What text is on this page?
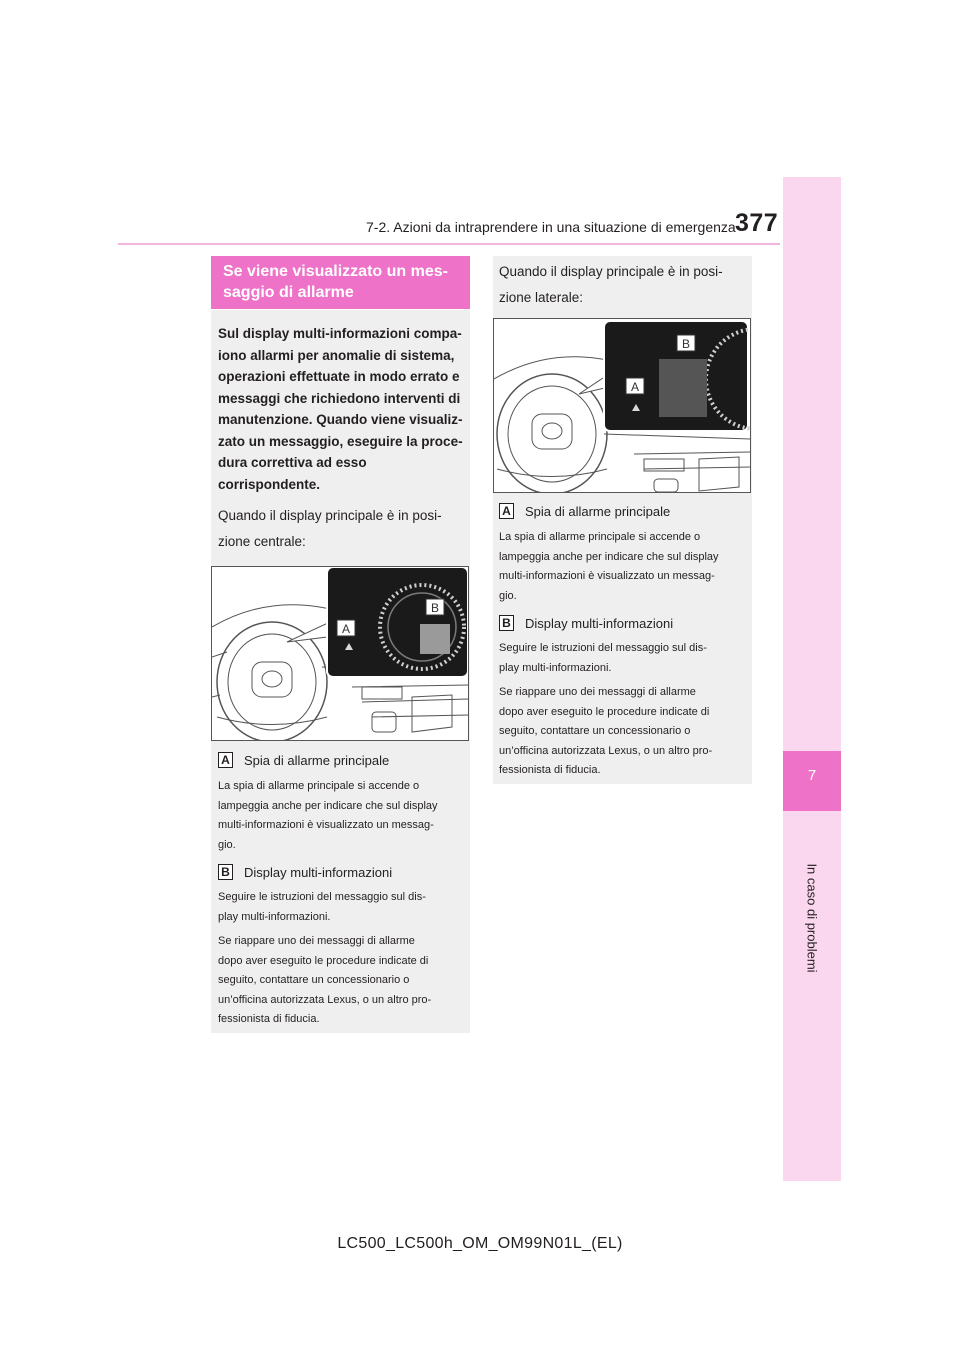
7-2. Azioni da intraprendere in una situazione di emergenza 377
7
In caso di problemi
Se viene visualizzato un mes-
saggio di allarme

Sul display multi-informazioni compa-

iono allarmi per anomalie di sistema,

operazioni effettuate in modo errato e

messaggi che richiedono interventi di

manutenzione. Quando viene visualiz-

zato un messaggio, eseguire la proce-

dura correttiva ad esso

corrispondente.

Quando il display principale è in posi-

zione centrale:

A
B
A Spia di allarme principale

La spia di allarme principale si accende o

lampeggia anche per indicare che sul display

multi-informazioni è visualizzato un messag-

gio.

B Display multi-informazioni

Seguire le istruzioni del messaggio sul dis-

play multi-informazioni.

Se riappare uno dei messaggi di allarme

dopo aver eseguito le procedure indicate di

seguito, contattare un concessionario o

un’officina autorizzata Lexus, o un altro pro-

fessionista di fiducia.

Quando il display principale è in posi-

zione laterale:

A
B
A Spia di allarme principale

La spia di allarme principale si accende o

lampeggia anche per indicare che sul display

multi-informazioni è visualizzato un messag-

gio.

B Display multi-informazioni

Seguire le istruzioni del messaggio sul dis-

play multi-informazioni.

Se riappare uno dei messaggi di allarme

dopo aver eseguito le procedure indicate di

seguito, contattare un concessionario o

un’officina autorizzata Lexus, o un altro pro-

fessionista di fiducia.

LC500_LC500h_OM_OM99N01L_(EL)
